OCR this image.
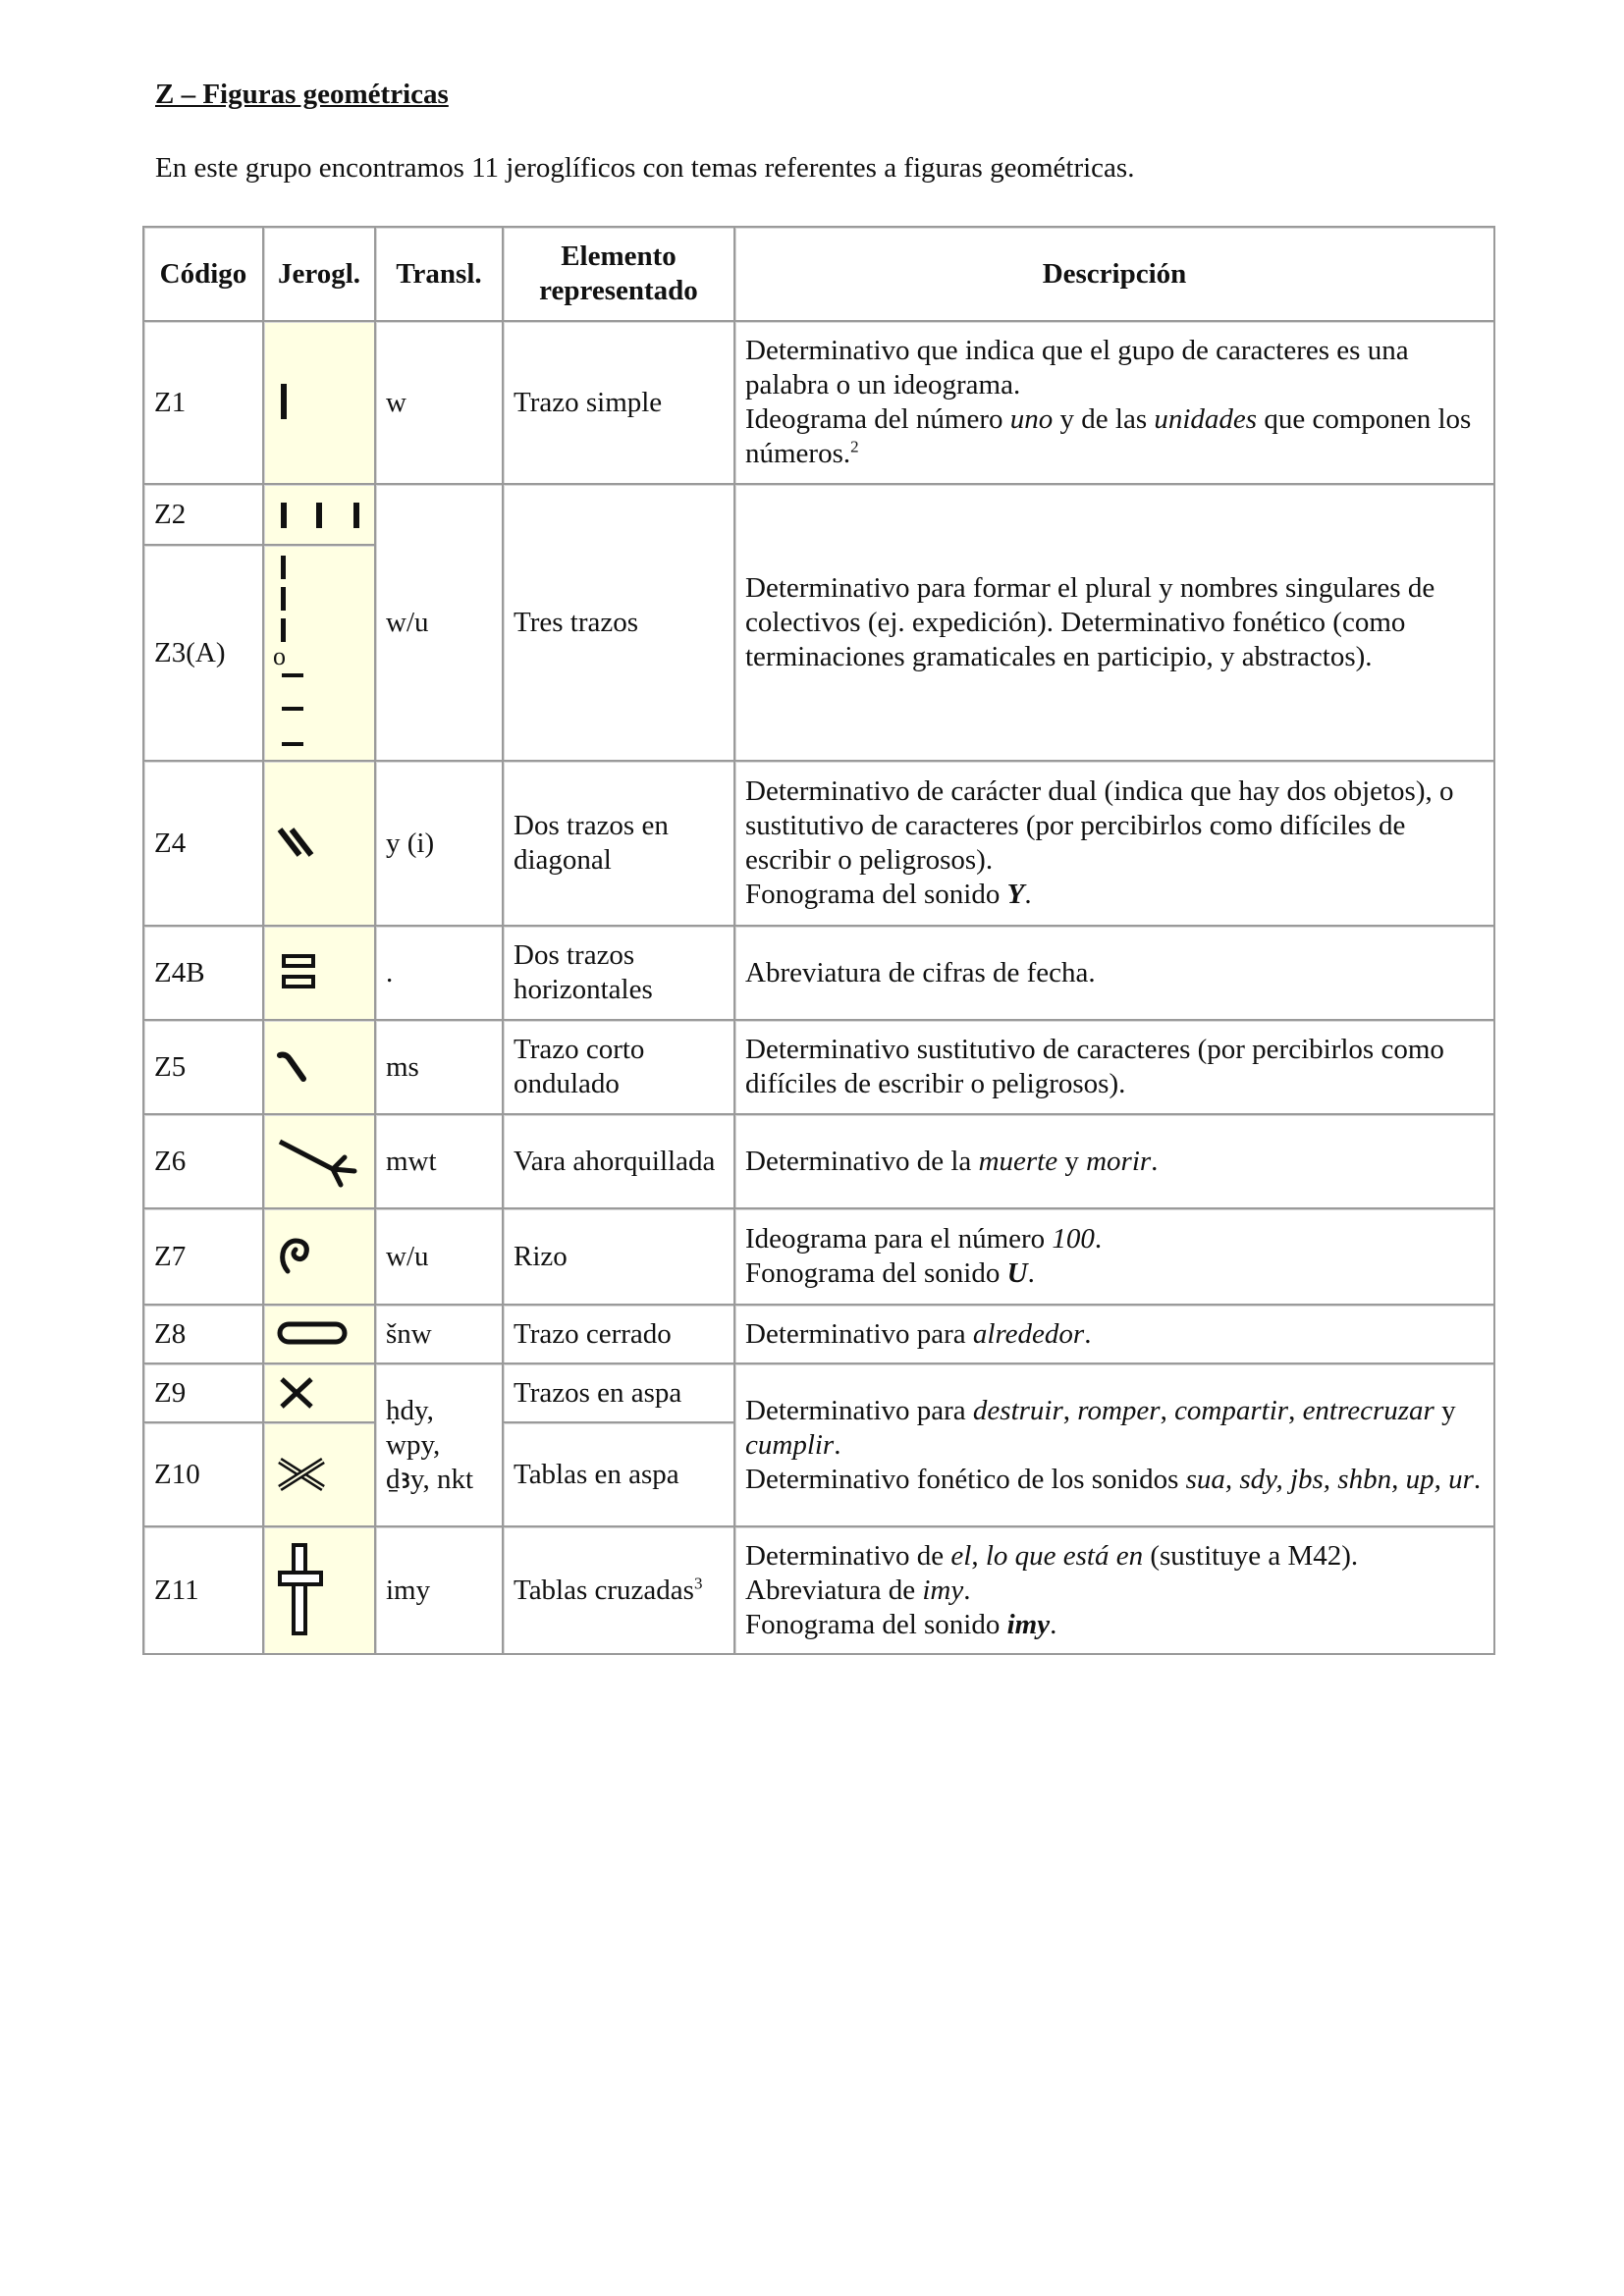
Z – Figuras geométricas

En este grupo encontramos 11 jeroglíficos con temas referentes a figuras geométricas.

Código	Jerogl.	Transl.	Elemento representado	Descripción
Z1		w	Trazo simple	Determinativo que indica que el gupo de caracteres es una palabra o un ideograma.
Ideograma del número uno y de las unidades que componen los números.$^2$
Z2		w/u	Tres trazos	Determinativo para formar el plural y nombres singulares de colectivos (ej. expedición). Determinativo fonético (como terminaciones gramaticales en participio, y abstractos).
Z3(A)	o			

Z4		y (i)	Dos trazos en diagonal	Determinativo de carácter dual (indica que hay dos objetos), o sustitutivo de caracteres (por percibirlos como difíciles de escribir o peligrosos).
Fonograma del sonido Y.
Z4B		.	Dos trazos horizontales	Abreviatura de cifras de fecha.
Z5		ms	Trazo corto ondulado	Determinativo sustitutivo de caracteres (por percibirlos como difíciles de escribir o peligrosos).
Z6		mwt	Vara ahorquillada	Determinativo de la muerte y morir.
Z7		w/u	Rizo	Ideograma para el número 100.
Fonograma del sonido U.
Z8		šnw	Trazo cerrado	Determinativo para alrededor.
Z9		ḥdy,
wpy,
ḏꜣy, nkt	Trazos en aspa	Determinativo para destruir, romper, compartir, entrecruzar y cumplir.
Determinativo fonético de los sonidos sua, sdy, jbs, shbn, up, ur.
Z10			Tablas en aspa	
Z11		imy	Tablas cruzadas$^3$	Determinativo de el, lo que está en (sustituye a M42).
Abreviatura de imy.
Fonograma del sonido imy.
